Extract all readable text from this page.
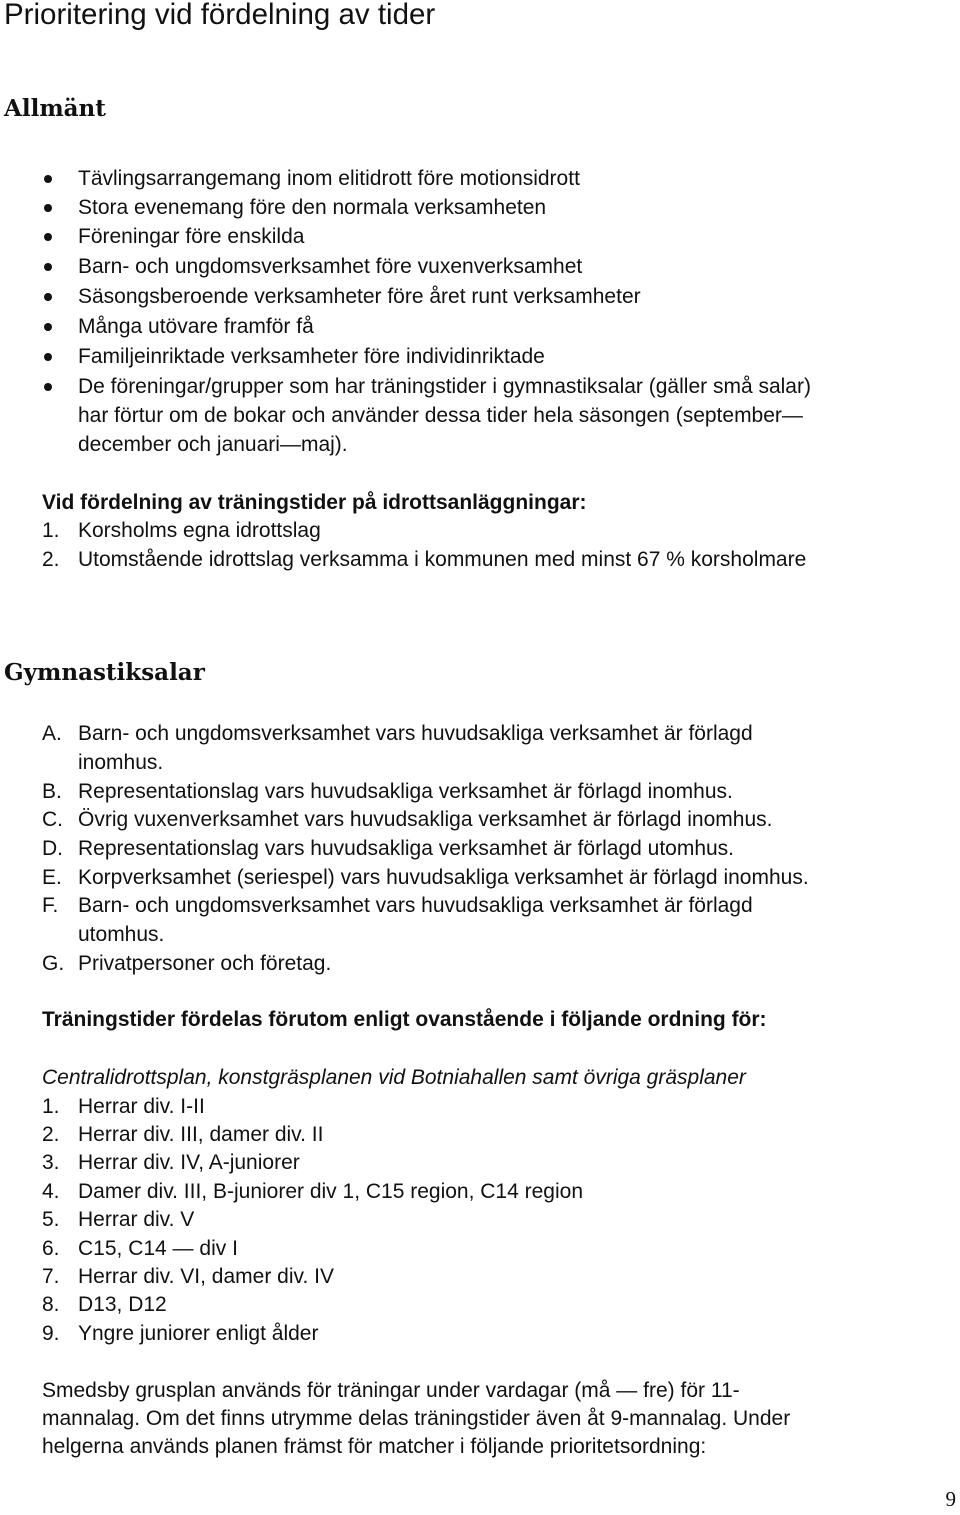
Prioritering vid fördelning av tider
Allmänt
Tävlingsarrangemang inom elitidrott före motionsidrott
Stora evenemang före den normala verksamheten
Föreningar före enskilda
Barn- och ungdomsverksamhet före vuxenverksamhet
Säsongsberoende verksamheter före året runt verksamheter
Många utövare framför få
Familjeinriktade verksamheter före individinriktade
De föreningar/grupper som har träningstider i gymnastiksalar (gäller små salar)
har förtur om de bokar och använder dessa tider hela säsongen (september—
december och januari—maj).
Vid fördelning av träningstider på idrottsanläggningar:
1. Korsholms egna idrottslag
2. Utomstående idrottslag verksamma i kommunen med minst 67 % korsholmare
Gymnastiksalar
A. Barn- och ungdomsverksamhet vars huvudsakliga verksamhet är förlagd
inomhus.
B. Representationslag vars huvudsakliga verksamhet är förlagd inomhus.
C. Övrig vuxenverksamhet vars huvudsakliga verksamhet är förlagd inomhus.
D. Representationslag vars huvudsakliga verksamhet är förlagd utomhus.
E. Korpverksamhet (seriespel) vars huvudsakliga verksamhet är förlagd inomhus.
F. Barn- och ungdomsverksamhet vars huvudsakliga verksamhet är förlagd
utomhus.
G. Privatpersoner och företag.
Träningstider fördelas förutom enligt ovanstående i följande ordning för:
Centralidrottsplan, konstgräsplanen vid Botniahallen samt övriga gräsplaner
1. Herrar div. I-II
2. Herrar div. III, damer div. II
3. Herrar div. IV, A-juniorer
4. Damer div. III, B-juniorer div 1, C15 region, C14 region
5. Herrar div. V
6. C15, C14 — div I
7. Herrar div. VI, damer div. IV
8. D13, D12
9. Yngre juniorer enligt ålder
Smedsby grusplan används för träningar under vardagar (må — fre) för 11-
mannalag. Om det finns utrymme delas träningstider även åt 9-mannalag. Under
helgerna används planen främst för matcher i följande prioritetsordning:
9
